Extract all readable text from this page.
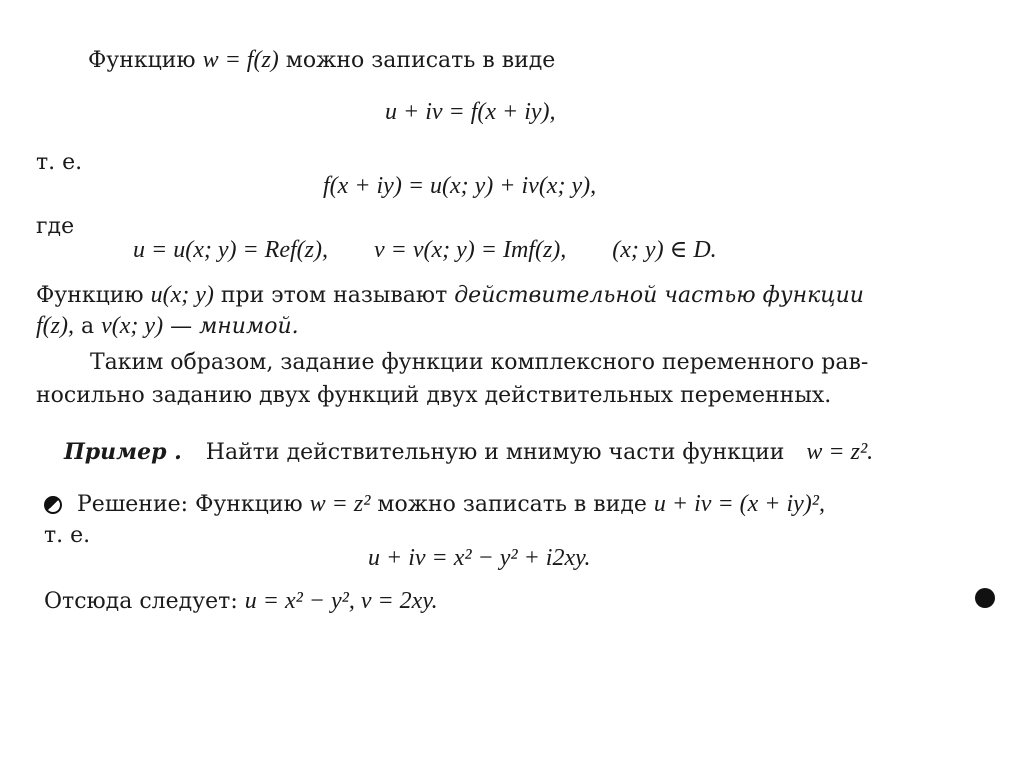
Функцию w = f(z) можно записать в виде
u + iv = f(x + iy),
т. е.
f(x + iy) = u(x; y) + iv(x; y),
где
u = u(x; y) = Ref(z), v = v(x; y) = Imf(z), (x; y) ∈ D.
Функцию u(x; y) при этом называют действительной частью функции
f(z), а v(x; y) — мнимой.
Таким образом, задание функции комплексного переменного рав-
носильно заданию двух функций двух действительных переменных.
Пример . Найти действительную и мнимую части функции w = z².
Решение: Функцию w = z² можно записать в виде u + iv = (x + iy)²,
т. е.
u + iv = x² − y² + i2xy.
Отсюда следует: u = x² − y², v = 2xy.
